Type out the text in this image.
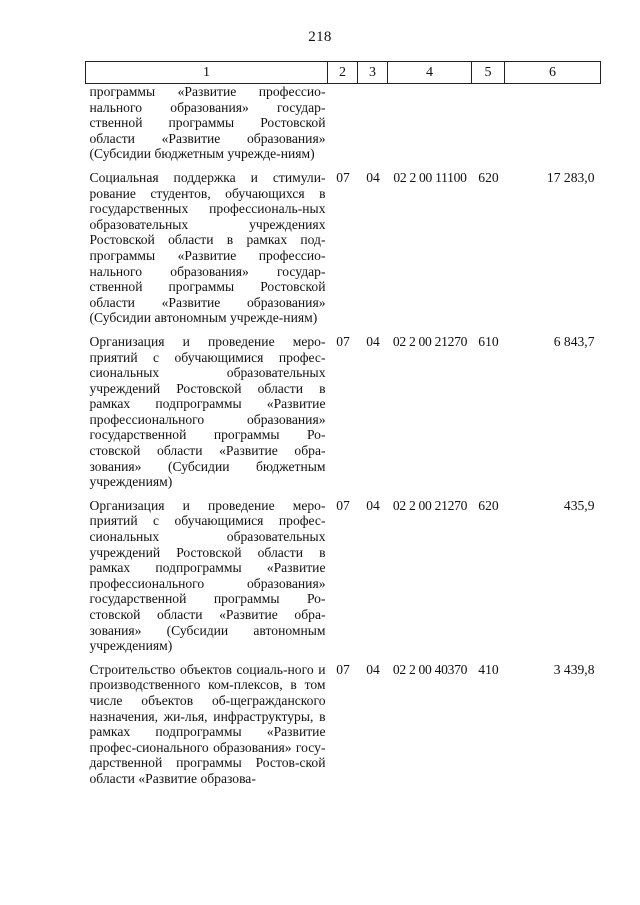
218
1	2	3	4	5	6
программы «Развитие профессио-нального образования» государ-ственной программы Ростовской области «Развитие образования» (Субсидии бюджетным учрежде-ниям)					
Социальная поддержка и стимули-рование студентов, обучающихся в государственных профессиональ-ных образовательных учреждениях Ростовской области в рамках под-программы «Развитие профессио-нального образования» государ-ственной программы Ростовской области «Развитие образования» (Субсидии автономным учрежде-ниям)	07	04	02 2 00 11100	620	17 283,0
Организация и проведение меро-приятий с обучающимися профес-сиональных образовательных учреждений Ростовской области в рамках подпрограммы «Развитие профессионального образования» государственной программы Ро-стовской области «Развитие обра-зования» (Субсидии бюджетным учреждениям)	07	04	02 2 00 21270	610	6 843,7
Организация и проведение меро-приятий с обучающимися профес-сиональных образовательных учреждений Ростовской области в рамках подпрограммы «Развитие профессионального образования» государственной программы Ро-стовской области «Развитие обра-зования» (Субсидии автономным учреждениям)	07	04	02 2 00 21270	620	435,9
Строительство объектов социаль-ного и производственного ком-плексов, в том числе объектов об-щегражданского назначения, жи-лья, инфраструктуры, в рамках подпрограммы «Развитие профес-сионального образования» госу-дарственной программы Ростов-ской области «Развитие образова-	07	04	02 2 00 40370	410	3 439,8
